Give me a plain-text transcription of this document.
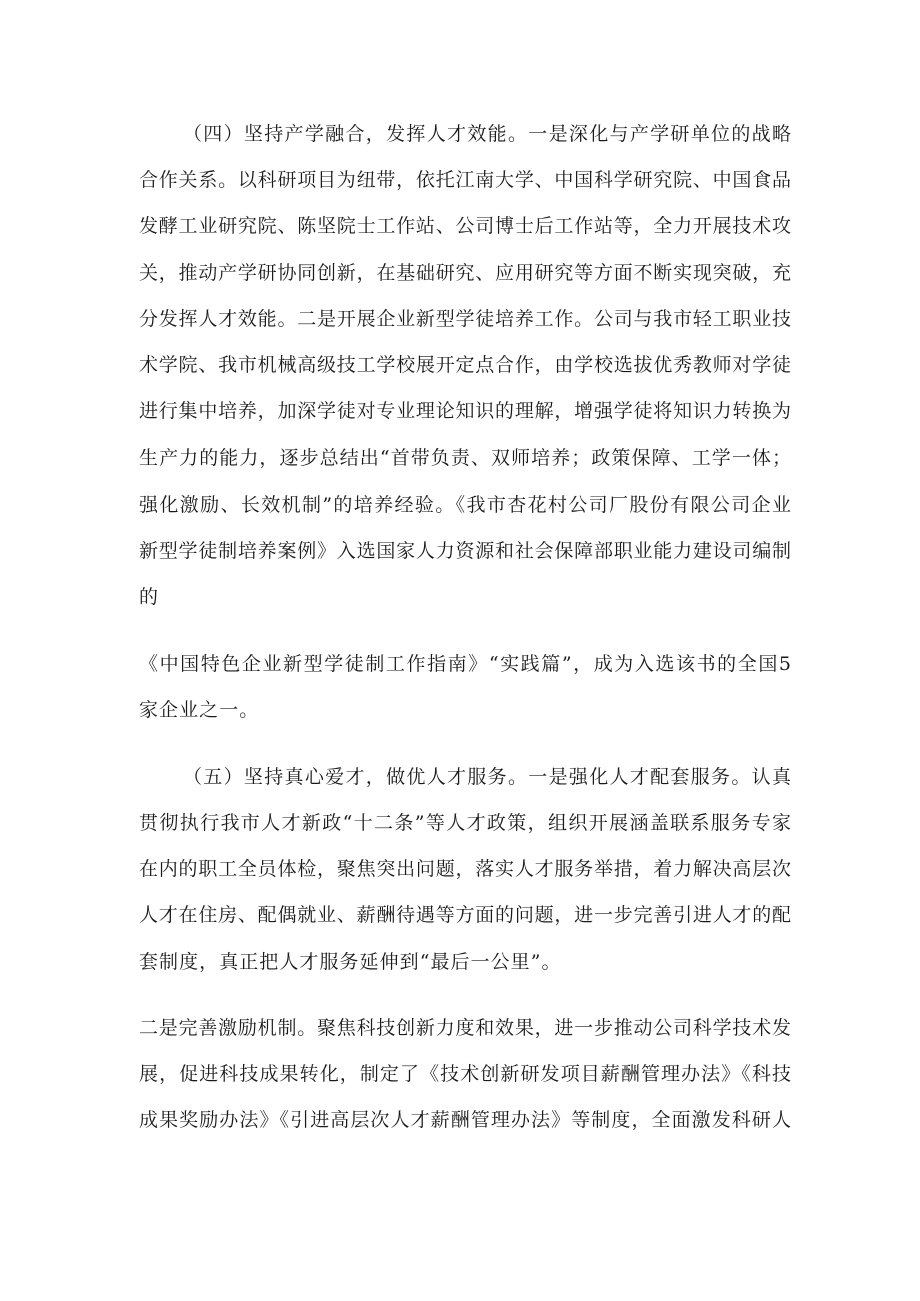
（四）坚持产学融合，发挥人才效能。一是深化与产学研单位的战略

合作关系。以科研项目为纽带，依托江南大学、中国科学研究院、中国食品

发酵工业研究院、陈坚院士工作站、公司博士后工作站等，全力开展技术攻

关，推动产学研协同创新，在基础研究、应用研究等方面不断实现突破，充

分发挥人才效能。二是开展企业新型学徒培养工作。公司与我市轻工职业技

术学院、我市机械高级技工学校展开定点合作，由学校选拔优秀教师对学徒

进行集中培养，加深学徒对专业理论知识的理解，增强学徒将知识力转换为

生产力的能力，逐步总结出“首带负责、双师培养；政策保障、工学一体；

强化激励、长效机制”的培养经验。《我市杏花村公司厂股份有限公司企业

新型学徒制培养案例》入选国家人力资源和社会保障部职业能力建设司编制

的

《中国特色企业新型学徒制工作指南》“实践篇”，成为入选该书的全国5

家企业之一。

（五）坚持真心爱才，做优人才服务。一是强化人才配套服务。认真

贯彻执行我市人才新政“十二条”等人才政策，组织开展涵盖联系服务专家

在内的职工全员体检，聚焦突出问题，落实人才服务举措，着力解决高层次

人才在住房、配偶就业、薪酬待遇等方面的问题，进一步完善引进人才的配

套制度，真正把人才服务延伸到“最后一公里”。

二是完善激励机制。聚焦科技创新力度和效果，进一步推动公司科学技术发

展，促进科技成果转化，制定了《技术创新研发项目薪酬管理办法》《科技

成果奖励办法》《引进高层次人才薪酬管理办法》等制度，全面激发科研人
